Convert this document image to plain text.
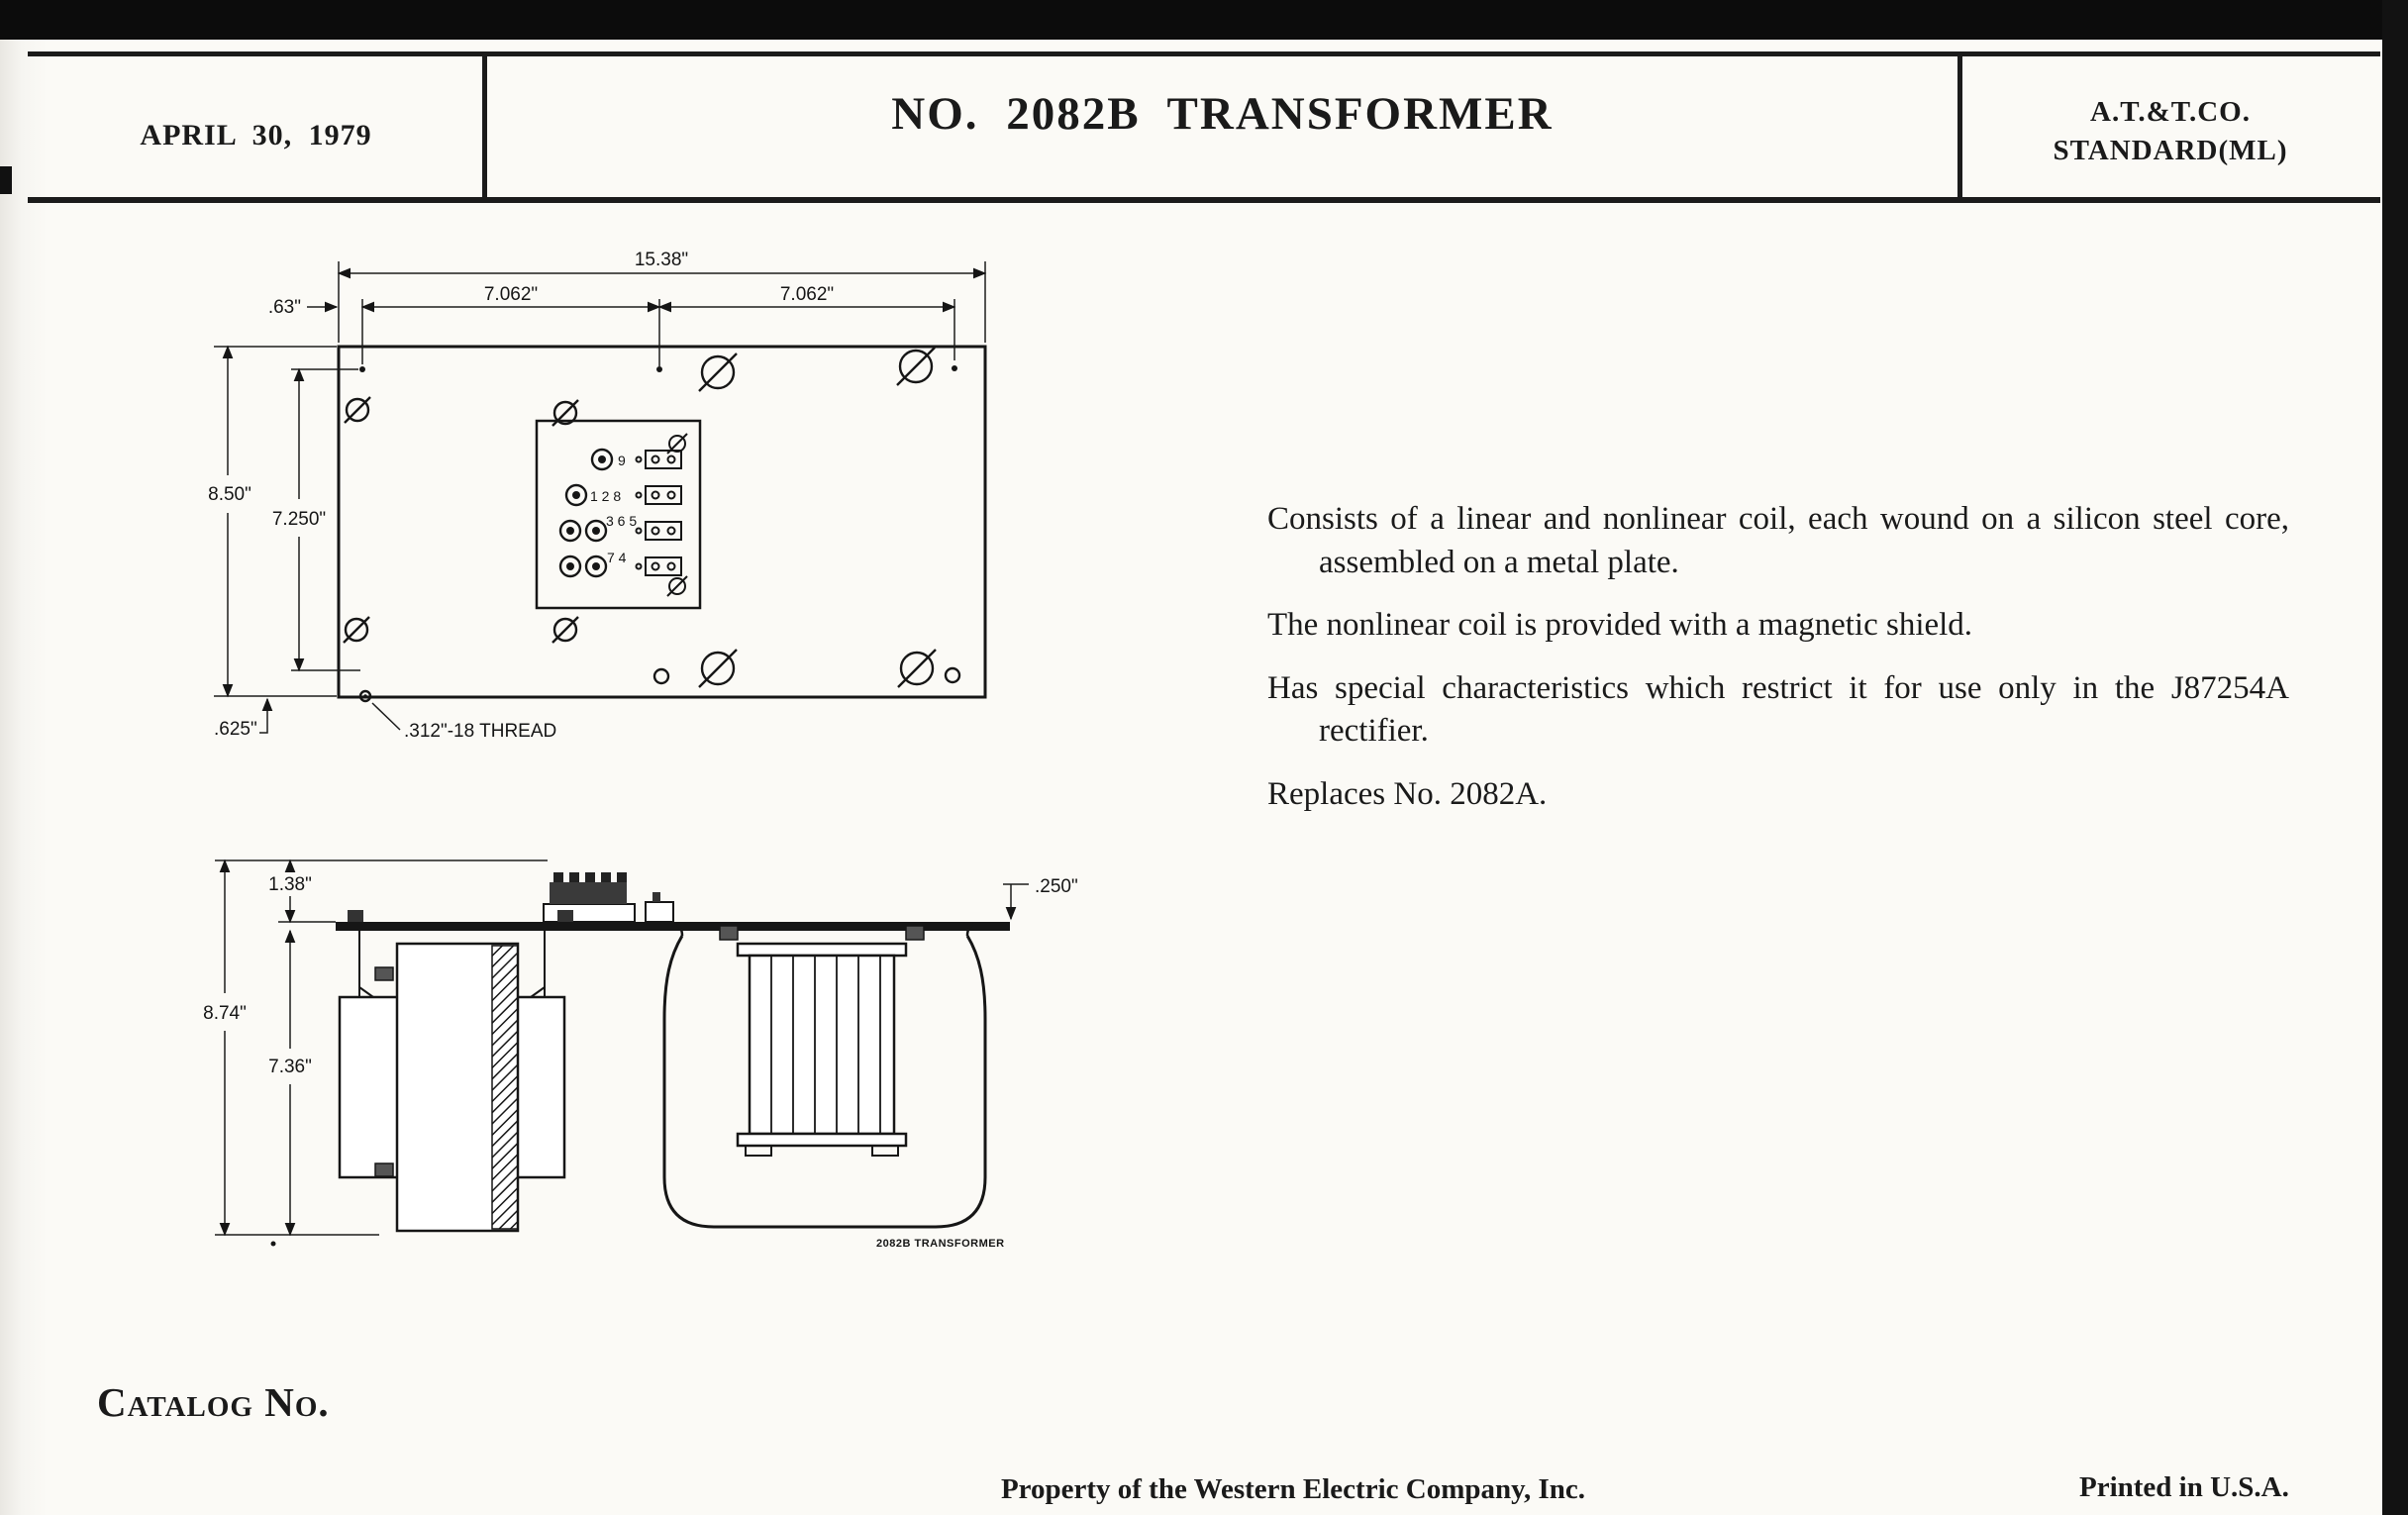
APRIL 30, 1979	NO. 2082B TRANSFORMER	A.T.&T.CO.
STANDARD(ML)
9
1 2 8
3 6 5
7 4
15.38"
.63"
7.062"	7.062"
8.50"
7.250"
.625"	.312"-18 THREAD

Consists of a linear and nonlinear coil, each wound on a silicon steel core, assembled on a metal plate.

The nonlinear coil is provided with a magnetic shield.

Has special characteristics which restrict it for use only in the J87254A rectifier.

Replaces No. 2082A.

1.38"	.250"
8.74"
7.36"
2082B TRANSFORMER
Catalog No.
Property of the Western Electric Company, Inc.	Printed in U.S.A.
